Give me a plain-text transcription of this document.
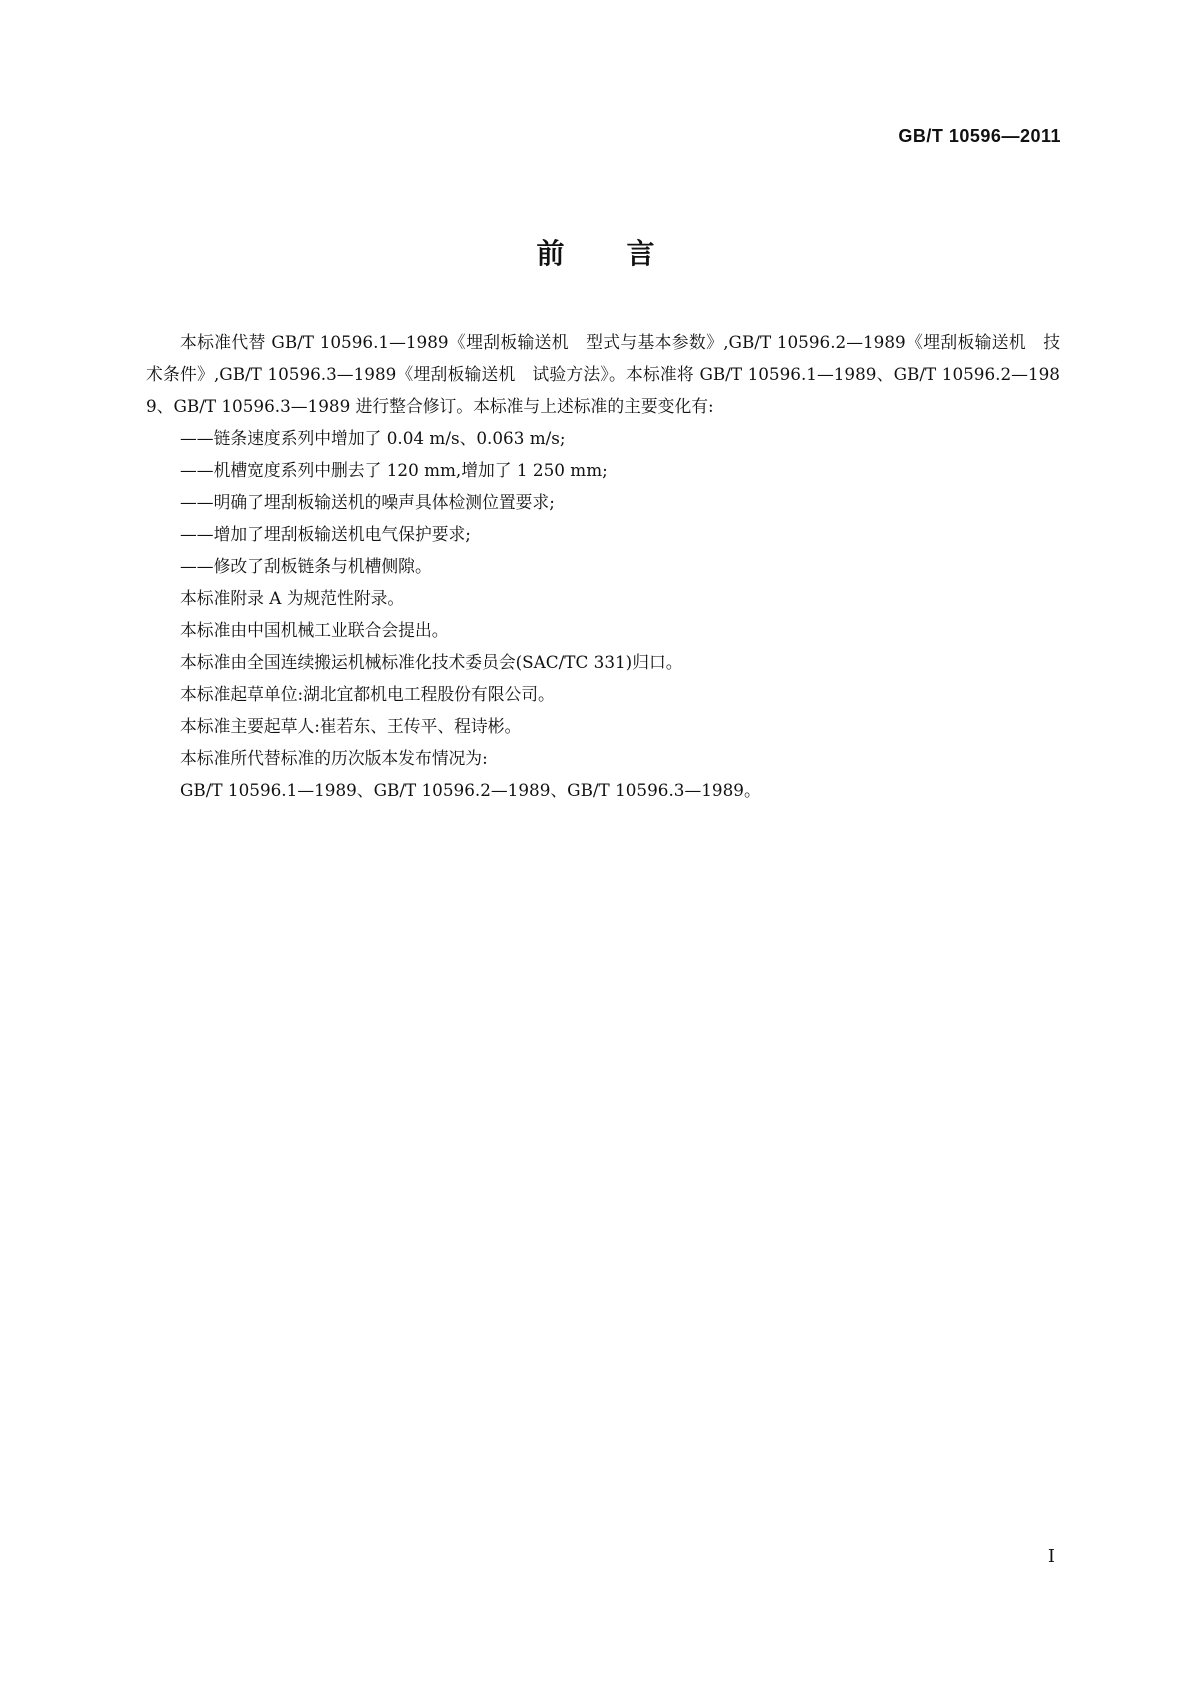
GB/T 10596—2011
前言

本标准代替 GB/T 10596.1—1989《埋刮板输送机　型式与基本参数》,GB/T 10596.2—1989《埋刮板输送机　技术条件》,GB/T 10596.3—1989《埋刮板输送机　试验方法》。本标准将 GB/T 10596.1—1989、GB/T 10596.2—1989、GB/T 10596.3—1989 进行整合修订。本标准与上述标准的主要变化有:

——链条速度系列中增加了 0.04 m/s、0.063 m/s;

——机槽宽度系列中删去了 120 mm,增加了 1 250 mm;

——明确了埋刮板输送机的噪声具体检测位置要求;

——增加了埋刮板输送机电气保护要求;

——修改了刮板链条与机槽侧隙。

本标准附录 A 为规范性附录。

本标准由中国机械工业联合会提出。

本标准由全国连续搬运机械标准化技术委员会(SAC/TC 331)归口。

本标准起草单位:湖北宜都机电工程股份有限公司。

本标准主要起草人:崔若东、王传平、程诗彬。

本标准所代替标准的历次版本发布情况为:

GB/T 10596.1—1989、GB/T 10596.2—1989、GB/T 10596.3—1989。

I
